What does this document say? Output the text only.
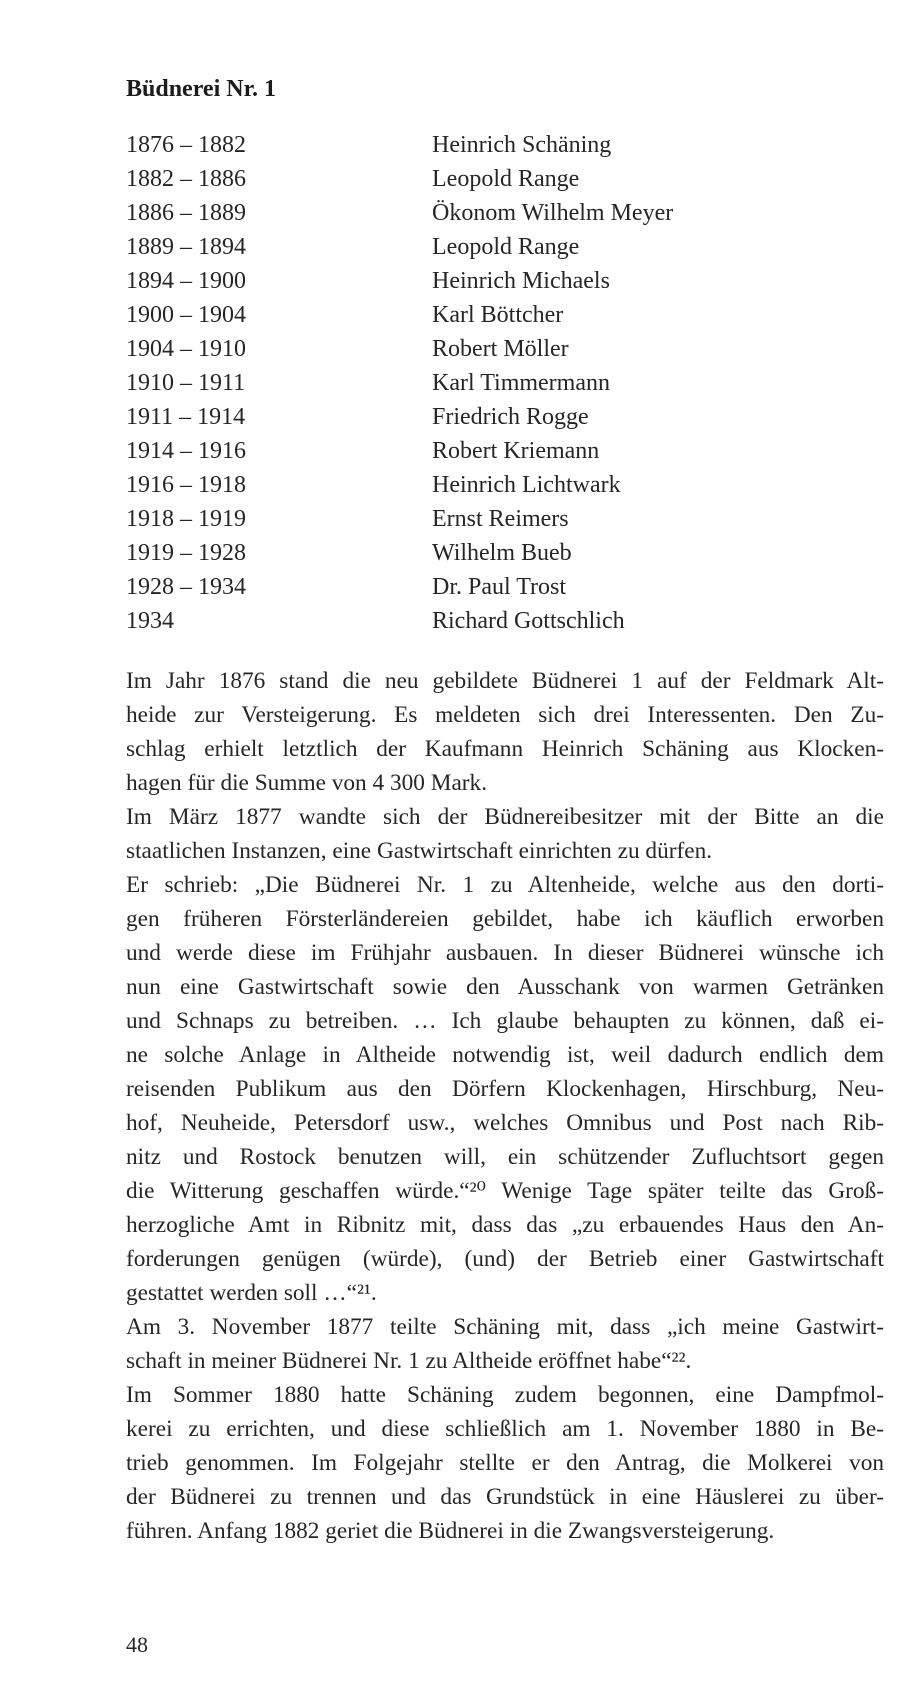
Büdnerei Nr. 1
1876 – 1882	Heinrich Schäning
1882 – 1886	Leopold Range
1886 – 1889	Ökonom Wilhelm Meyer
1889 – 1894	Leopold Range
1894 – 1900	Heinrich Michaels
1900 – 1904	Karl Böttcher
1904 – 1910	Robert Möller
1910 – 1911	Karl Timmermann
1911 – 1914	Friedrich Rogge
1914 – 1916	Robert Kriemann
1916 – 1918	Heinrich Lichtwark
1918 – 1919	Ernst Reimers
1919 – 1928	Wilhelm Bueb
1928 – 1934	Dr. Paul Trost
1934	Richard Gottschlich
Im Jahr 1876 stand die neu gebildete Büdnerei 1 auf der Feldmark Alt-
heide zur Versteigerung. Es meldeten sich drei Interessenten. Den Zu-
schlag erhielt letztlich der Kaufmann Heinrich Schäning aus Klocken-
hagen für die Summe von 4 300 Mark.
Im März 1877 wandte sich der Büdnereibesitzer mit der Bitte an die
staatlichen Instanzen, eine Gastwirtschaft einrichten zu dürfen.
Er schrieb: „Die Büdnerei Nr. 1 zu Altenheide, welche aus den dorti-
gen früheren Försterländereien gebildet, habe ich käuflich erworben
und werde diese im Frühjahr ausbauen. In dieser Büdnerei wünsche ich
nun eine Gastwirtschaft sowie den Ausschank von warmen Getränken
und Schnaps zu betreiben. … Ich glaube behaupten zu können, daß ei-
ne solche Anlage in Altheide notwendig ist, weil dadurch endlich dem
reisenden Publikum aus den Dörfern Klockenhagen, Hirschburg, Neu-
hof, Neuheide, Petersdorf usw., welches Omnibus und Post nach Rib-
nitz und Rostock benutzen will, ein schützender Zufluchtsort gegen
die Witterung geschaffen würde.“²⁰ Wenige Tage später teilte das Groß-
herzogliche Amt in Ribnitz mit, dass das „zu erbauendes Haus den An-
forderungen genügen (würde), (und) der Betrieb einer Gastwirtschaft
gestattet werden soll …“²¹.
Am 3. November 1877 teilte Schäning mit, dass „ich meine Gastwirt-
schaft in meiner Büdnerei Nr. 1 zu Altheide eröffnet habe“²².
Im Sommer 1880 hatte Schäning zudem begonnen, eine Dampfmol-
kerei zu errichten, und diese schließlich am 1. November 1880 in Be-
trieb genommen. Im Folgejahr stellte er den Antrag, die Molkerei von
der Büdnerei zu trennen und das Grundstück in eine Häuslerei zu über-
führen. Anfang 1882 geriet die Büdnerei in die Zwangsversteigerung.
48
